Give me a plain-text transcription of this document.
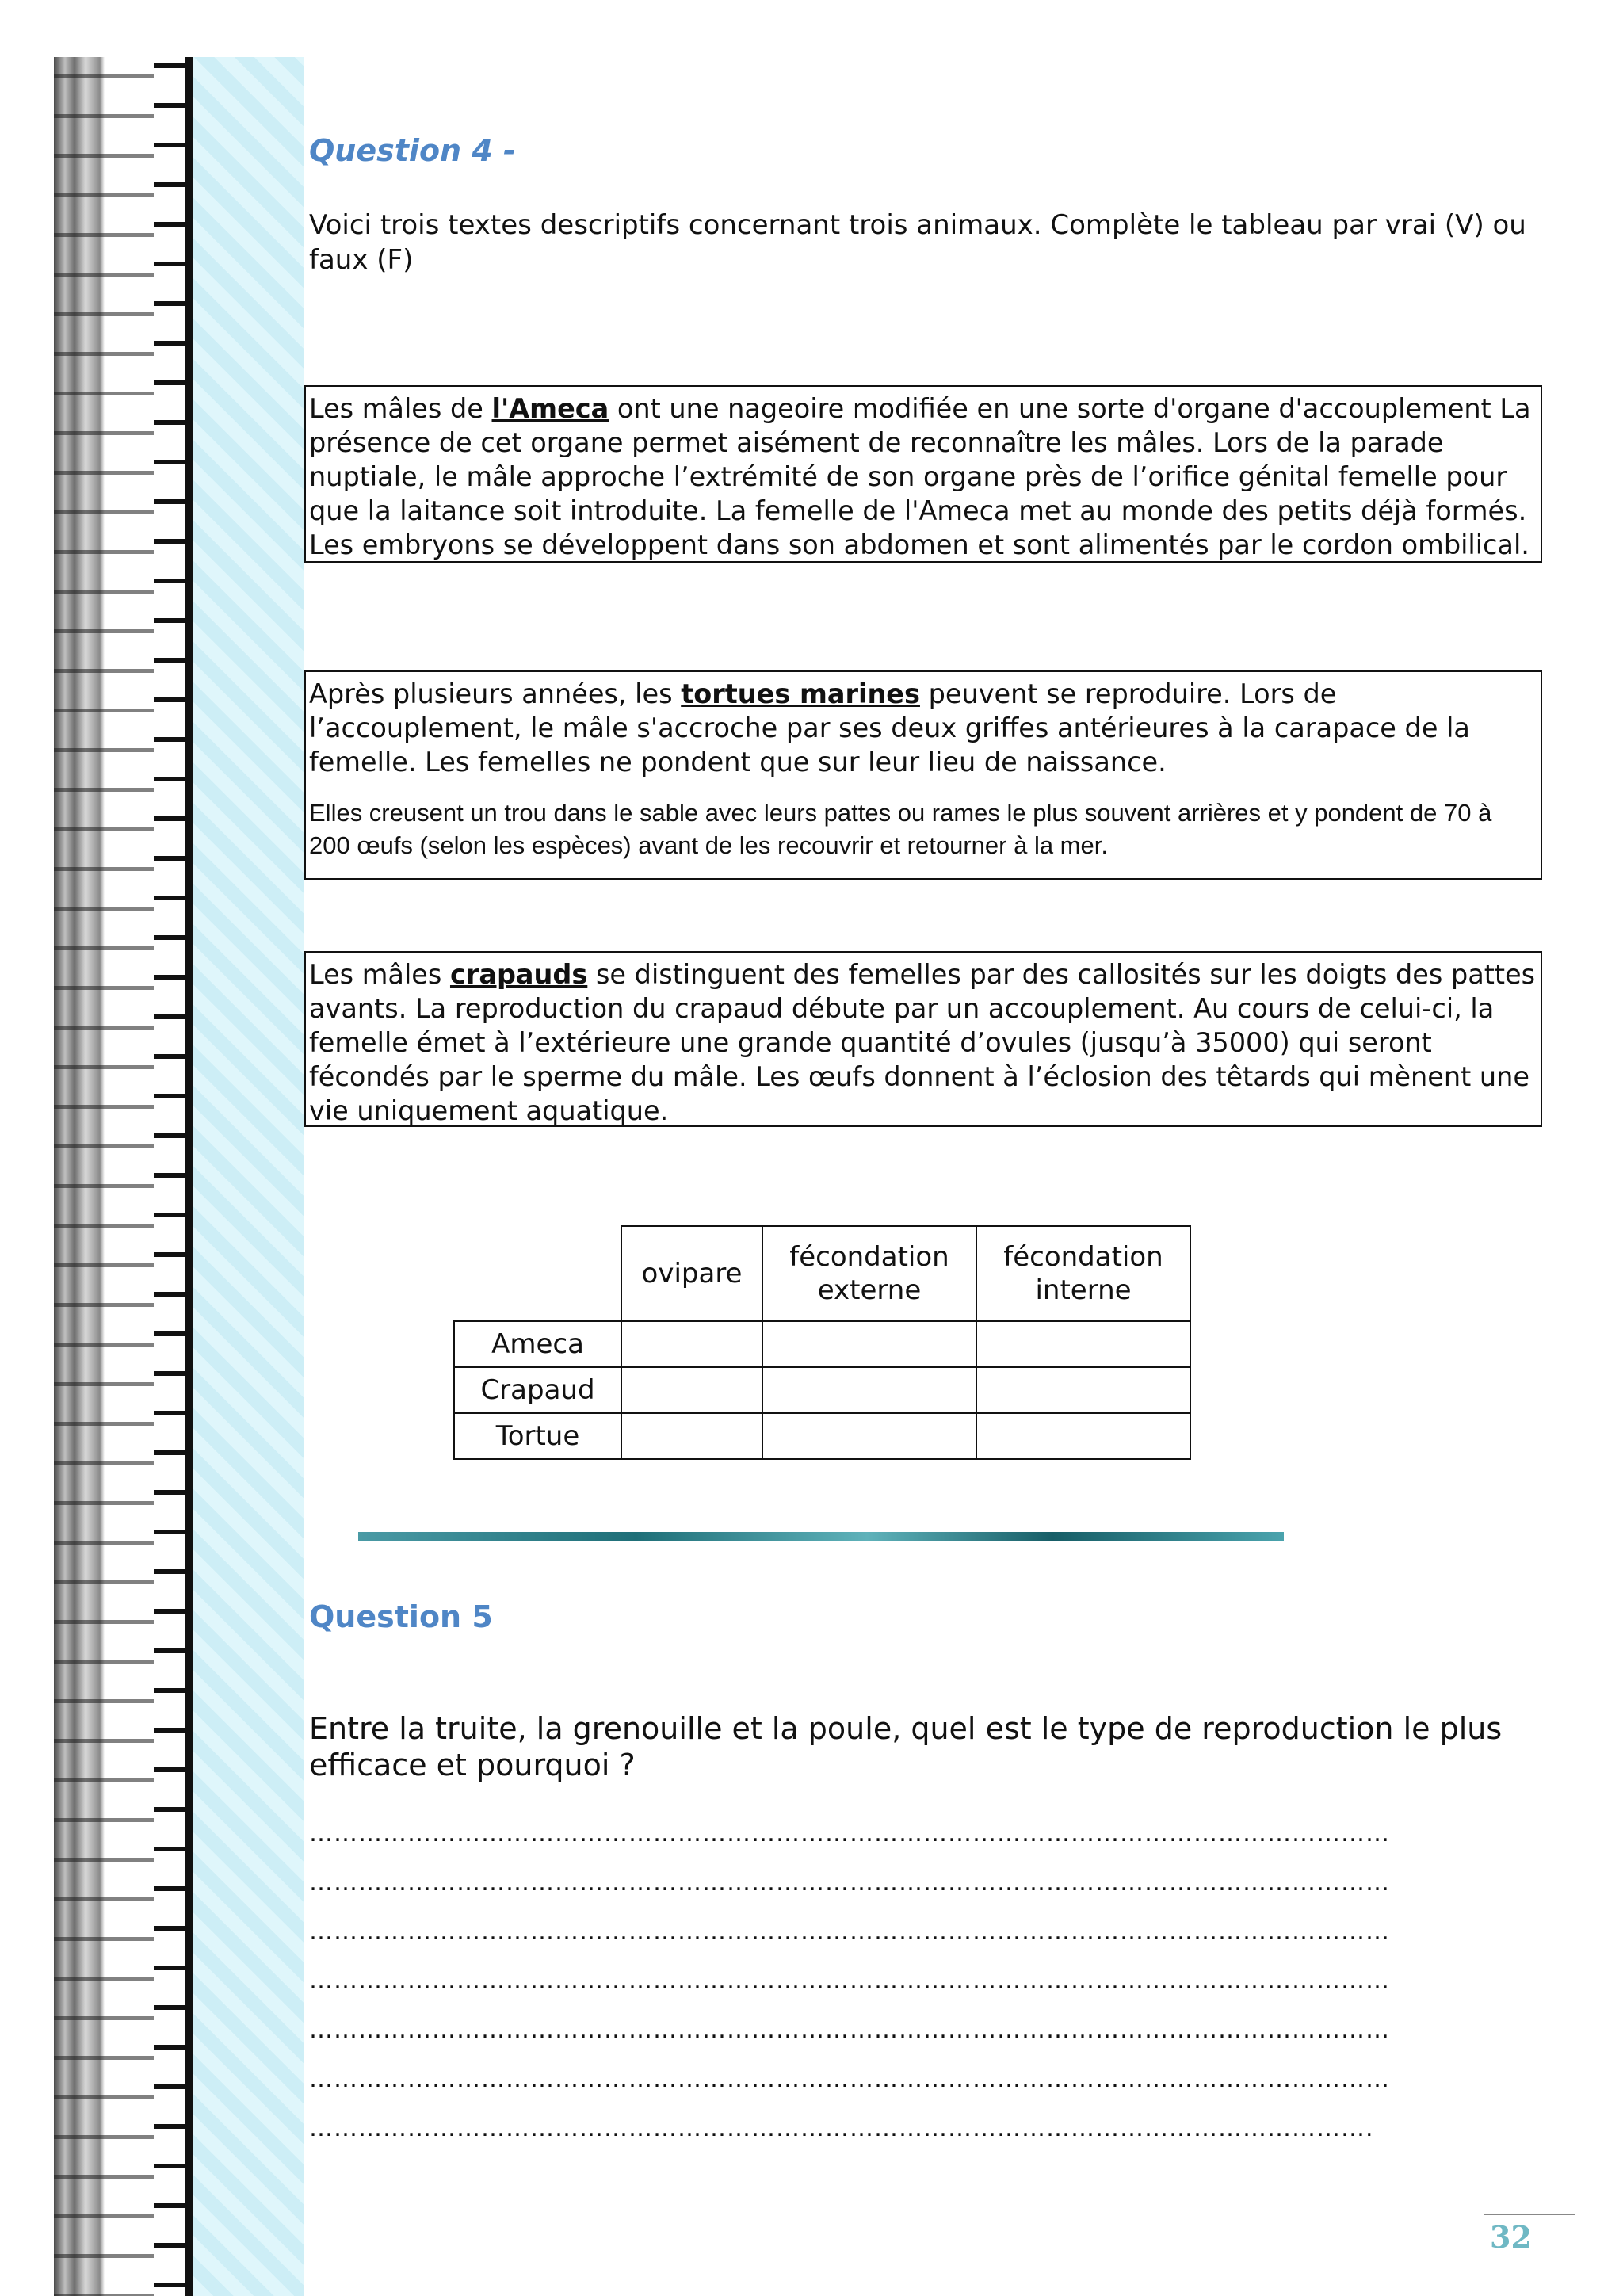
Question 4 -
Voici trois textes descriptifs concernant trois animaux. Complète le tableau par vrai (V) ou faux (F)
Les mâles de l'Ameca ont une nageoire modifiée en une sorte d'organe d'accouplement La présence de cet organe permet aisément de reconnaître les mâles. Lors de la parade nuptiale, le mâle approche l’extrémité de son organe près de l’orifice génital femelle pour que la laitance soit introduite. La femelle de l'Ameca met au monde des petits déjà formés. Les embryons se développent dans son abdomen et sont alimentés par le cordon ombilical.
Après plusieurs années, les tortues marines peuvent se reproduire. Lors de l’accouplement, le mâle s'accroche par ses deux griffes antérieures à la carapace de la femelle. Les femelles ne pondent que sur leur lieu de naissance.
Elles creusent un trou dans le sable avec leurs pattes ou rames le plus souvent arrières et y pondent de 70 à 200 œufs (selon les espèces) avant de les recouvrir et retourner à la mer.
Les mâles crapauds se distinguent des femelles par des callosités sur les doigts des pattes avants. La reproduction du crapaud débute par un accouplement. Au cours de celui-ci, la femelle émet à l’extérieure une grande quantité d’ovules (jusqu’à 35000) qui seront fécondés par le sperme du mâle. Les œufs donnent à l’éclosion des têtards qui mènent une vie uniquement aquatique.
	ovipare	fécondation externe	fécondation interne
Ameca			
Crapaud			
Tortue			
Question 5
Entre la truite, la grenouille et la poule, quel est le type de reproduction le plus efficace et pourquoi ?
……………………………………………………………………………………………………………………
……………………………………………………………………………………………………………………
……………………………………………………………………………………………………………………
……………………………………………………………………………………………………………………
……………………………………………………………………………………………………………………
……………………………………………………………………………………………………………………
………………………………………………………………………………………………………………….
32
